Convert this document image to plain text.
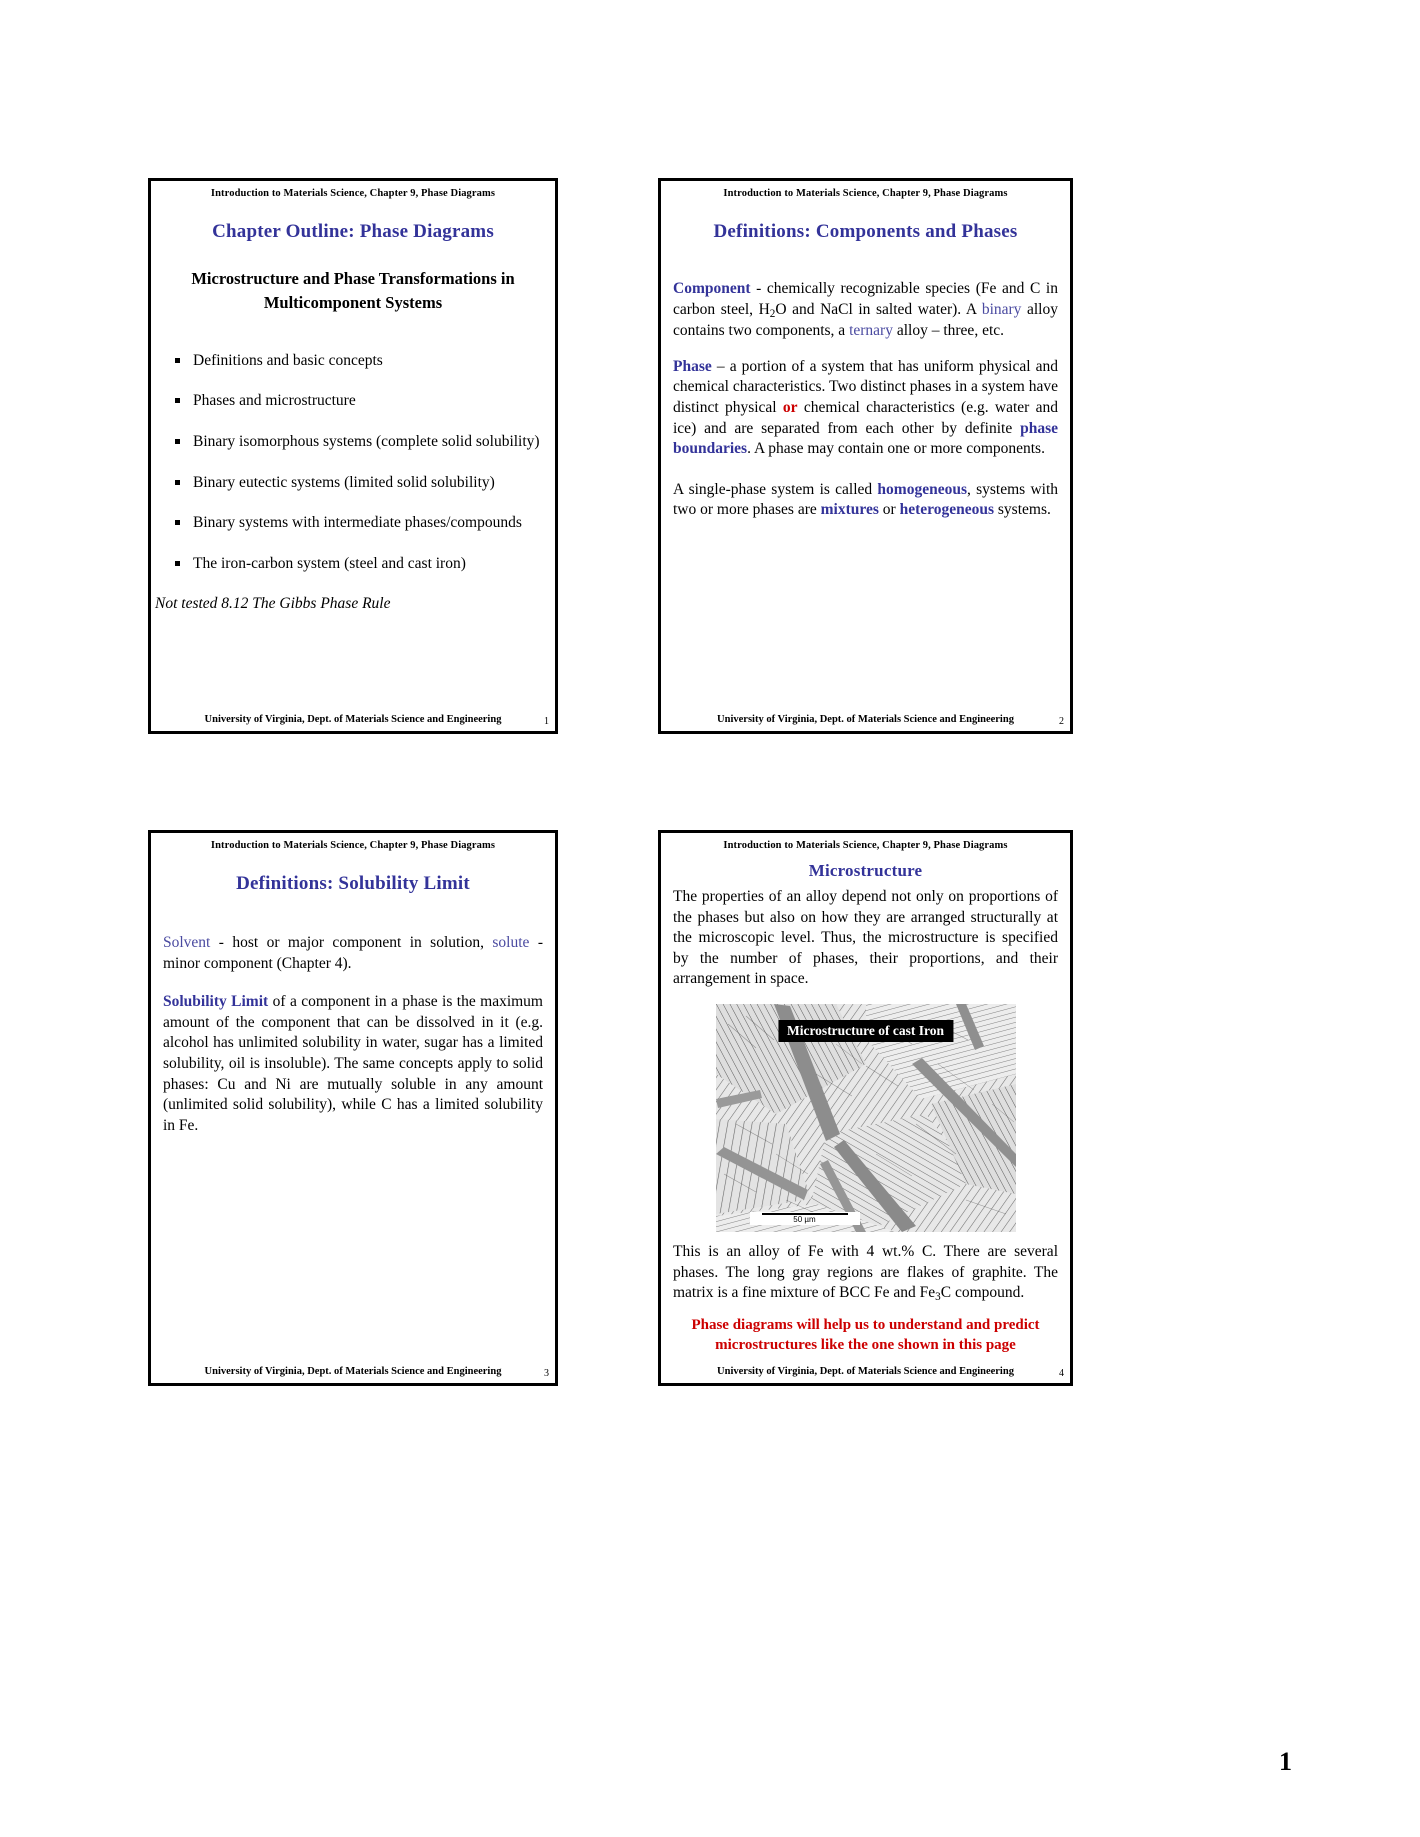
Introduction to Materials Science, Chapter 9, Phase Diagrams
Chapter Outline: Phase Diagrams
Microstructure and Phase Transformations in
Multicomponent Systems
Definitions and basic concepts
Phases and microstructure
Binary isomorphous systems (complete solid solubility)
Binary eutectic systems (limited solid solubility)
Binary systems with intermediate phases/compounds
The iron-carbon system (steel and cast iron)
Not tested 8.12 The Gibbs Phase Rule
University of Virginia, Dept. of Materials Science and Engineering	1
Introduction to Materials Science, Chapter 9, Phase Diagrams
Definitions: Components and Phases

Component - chemically recognizable species (Fe and C in carbon steel, $H_2O$ and NaCl in salted water). A binary alloy contains two components, a ternary alloy – three, etc.

Phase – a portion of a system that has uniform physical and chemical characteristics. Two distinct phases in a system have distinct physical or chemical characteristics (e.g. water and ice) and are separated from each other by definite phase boundaries. A phase may contain one or more components.

A single-phase system is called homogeneous, systems with two or more phases are mixtures or heterogeneous systems.

University of Virginia, Dept. of Materials Science and Engineering	2
Introduction to Materials Science, Chapter 9, Phase Diagrams
Definitions: Solubility Limit

Solvent - host or major component in solution, solute - minor component (Chapter 4).

Solubility Limit of a component in a phase is the maximum amount of the component that can be dissolved in it (e.g. alcohol has unlimited solubility in water, sugar has a limited solubility, oil is insoluble). The same concepts apply to solid phases: Cu and Ni are mutually soluble in any amount (unlimited solid solubility), while C has a limited solubility in Fe.

University of Virginia, Dept. of Materials Science and Engineering	3
Introduction to Materials Science, Chapter 9, Phase Diagrams
Microstructure

The properties of an alloy depend not only on proportions of the phases but also on how they are arranged structurally at the microscopic level. Thus, the microstructure is specified by the number of phases, their proportions, and their arrangement in space.

Microstructure of cast Iron
50 µm

This is an alloy of Fe with 4 wt.% C. There are several phases. The long gray regions are flakes of graphite. The matrix is a fine mixture of BCC Fe and $Fe_3C$ compound.

Phase diagrams will help us to understand and predict
microstructures like the one shown in this page
University of Virginia, Dept. of Materials Science and Engineering	4
1
